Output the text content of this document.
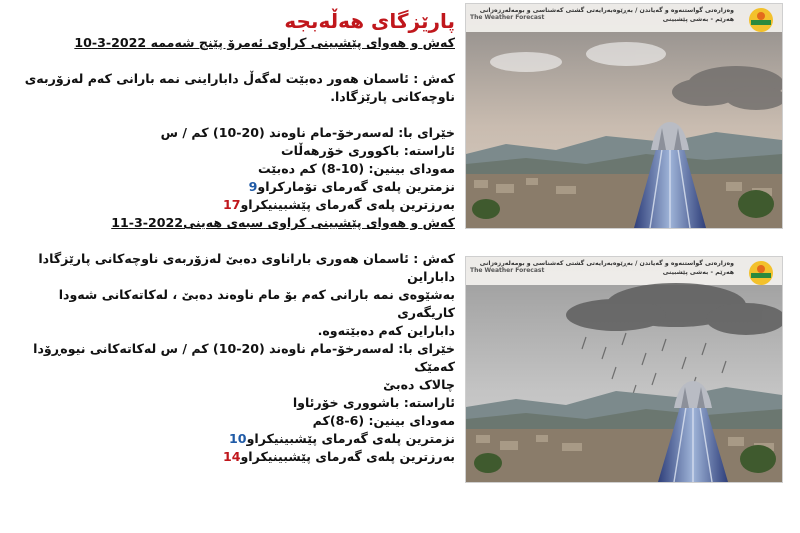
پارێزگای هەڵەبجە
کەش و هەوای پێشبینی کراوی ئەمرۆ پێنج شەممە 2022-3-10
کەش : ئاسمان هەور دەبێت لەگەڵ داباراینی نمە بارانی کەم لەزۆربەی
ناوچەکانی پارێزگادا.
خێرای با: لەسەرخۆ-مام ناوەند (20-10) کم / س
ئاراستە: باکووری خۆرهەڵات
مەودای بینین: (10-8) کم دەبێت
نزمترین پلەی گەرمای تۆمارکراو9
بەرزترین پلەی گەرمای پێشبینیکراو17
کەش و هەوای پێشبینی کراوی سبەی هەینی2022-3-11
کەش : ئاسمان هەوری باراناوی دەبێ لەزۆربەی ناوچەکانی پارێزگادا داباراین
بەشێوەی نمە بارانی کەم بۆ مام ناوەند دەبێ ، لەکاتەکانی شەودا کاریگەری
داباراین کەم دەبێتەوە.
خێرای با: لەسەرخۆ-مام ناوەند (20-10) کم / س لەکاتەکانی نیوەڕۆدا کەمێک
چالاک دەبێ
ئاراستە: باشووری خۆرئاوا
مەودای بینین: (6-8)کم
نزمترین پلەی گەرمای پێشبینیکراو10
بەرزترین پلەی گەرمای پێشبینیکراو14
وەزارەتی گواستنەوە و گەیاندن / بەڕێوەبەرایەتی گشتی کەشناسی و بومەلەرزەزانی هەرێم - بەشی پێشبینی
The Weather Forecast
وەزارەتی گواستنەوە و گەیاندن / بەڕێوەبەرایەتی گشتی کەشناسی و بومەلەرزەزانی هەرێم - بەشی پێشبینی
The Weather Forecast
